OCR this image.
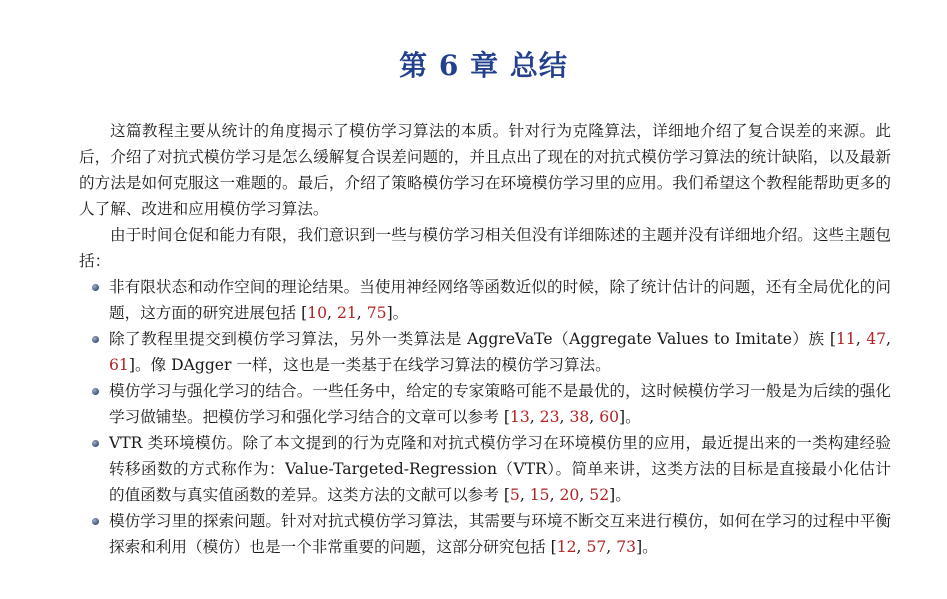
第 6 章 总结

这篇教程主要从统计的角度揭示了模仿学习算法的本质。针对行为克隆算法，详细地介绍了复合误差的来源。此后，介绍了对抗式模仿学习是怎么缓解复合误差问题的，并且点出了现在的对抗式模仿学习算法的统计缺陷，以及最新的方法是如何克服这一难题的。最后，介绍了策略模仿学习在环境模仿学习里的应用。我们希望这个教程能帮助更多的人了解、改进和应用模仿学习算法。

由于时间仓促和能力有限，我们意识到一些与模仿学习相关但没有详细陈述的主题并没有详细地介绍。这些主题包括：

非有限状态和动作空间的理论结果。当使用神经网络等函数近似的时候，除了统计估计的问题，还有全局优化的问题，这方面的研究进展包括 [10, 21, 75]。
除了教程里提交到模仿学习算法，另外一类算法是 AggreVaTe（Aggregate Values to Imitate）族 [11, 47, 61]。像 DAgger 一样，这也是一类基于在线学习算法的模仿学习算法。
模仿学习与强化学习的结合。一些任务中，给定的专家策略可能不是最优的，这时候模仿学习一般是为后续的强化学习做铺垫。把模仿学习和强化学习结合的文章可以参考 [13, 23, 38, 60]。
VTR 类环境模仿。除了本文提到的行为克隆和对抗式模仿学习在环境模仿里的应用，最近提出来的一类构建经验转移函数的方式称作为：Value-Targeted-Regression（VTR）。简单来讲，这类方法的目标是直接最小化估计的值函数与真实值函数的差异。这类方法的文献可以参考 [5, 15, 20, 52]。
模仿学习里的探索问题。针对对抗式模仿学习算法，其需要与环境不断交互来进行模仿，如何在学习的过程中平衡探索和利用（模仿）也是一个非常重要的问题，这部分研究包括 [12, 57, 73]。
